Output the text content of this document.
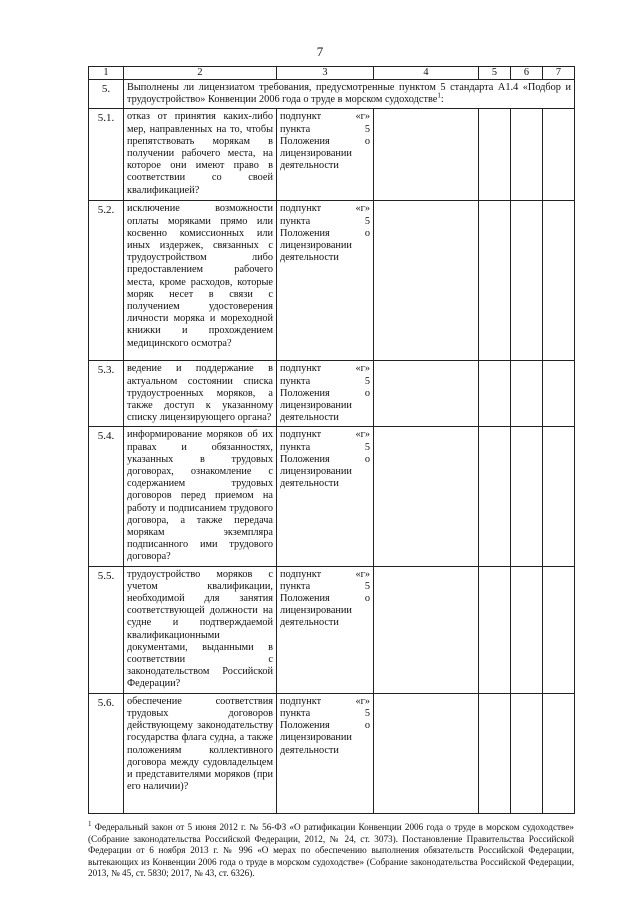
7
1	2	3	4	5	6	7
5.	Выполнены ли лицензиатом требования, предусмотренные пунктом 5 стандарта А1.4 «Подбор и трудоустройство» Конвенции 2006 года о труде в морском судоходстве$^1$:					
5.1.	отказ от принятия каких-либо мер, направленных на то, чтобы препятствовать морякам в получении рабочего места, на которое они имеют право в соответствии со своей квалификацией?	подпункт «г» пункта 5 Положения о лицензировании деятельности				
5.2.	исключение возможности оплаты моряками прямо или косвенно комиссионных или иных издержек, связанных с трудоустройством либо предоставлением рабочего места, кроме расходов, которые моряк несет в связи с получением удостоверения личности моряка и мореходной книжки и прохождением медицинского осмотра?	подпункт «г» пункта 5 Положения о лицензировании деятельности				
5.3.	ведение и поддержание в актуальном состоянии списка трудоустроенных моряков, а также доступ к указанному списку лицензирующего органа?	подпункт «г» пункта 5 Положения о лицензировании деятельности				
5.4.	информирование моряков об их правах и обязанностях, указанных в трудовых договорах, ознакомление с содержанием трудовых договоров перед приемом на работу и подписанием трудового договора, а также передача морякам экземпляра подписанного ими трудового договора?	подпункт «г» пункта 5 Положения о лицензировании деятельности				
5.5.	трудоустройство моряков с учетом квалификации, необходимой для занятия соответствующей должности на судне и подтверждаемой квалификационными документами, выданными в соответствии с законодательством Российской Федерации?	подпункт «г» пункта 5 Положения о лицензировании деятельности				
5.6.	обеспечение соответствия трудовых договоров действующему законодательству государства флага судна, а также положениям коллективного договора между судовладельцем и представителями моряков (при его наличии)?	подпункт «г» пункта 5 Положения о лицензировании деятельности				
$^1$ Федеральный закон от 5 июня 2012 г. № 56-ФЗ «О ратификации Конвенции 2006 года о труде в морском судоходстве» (Собрание законодательства Российской Федерации, 2012, № 24, ст. 3073). Постановление Правительства Российской Федерации от 6 ноября 2013 г. № 996 «О мерах по обеспечению выполнения обязательств Российской Федерации, вытекающих из Конвенции 2006 года о труде в морском судоходстве» (Собрание законодательства Российской Федерации, 2013, № 45, ст. 5830; 2017, № 43, ст. 6326).
